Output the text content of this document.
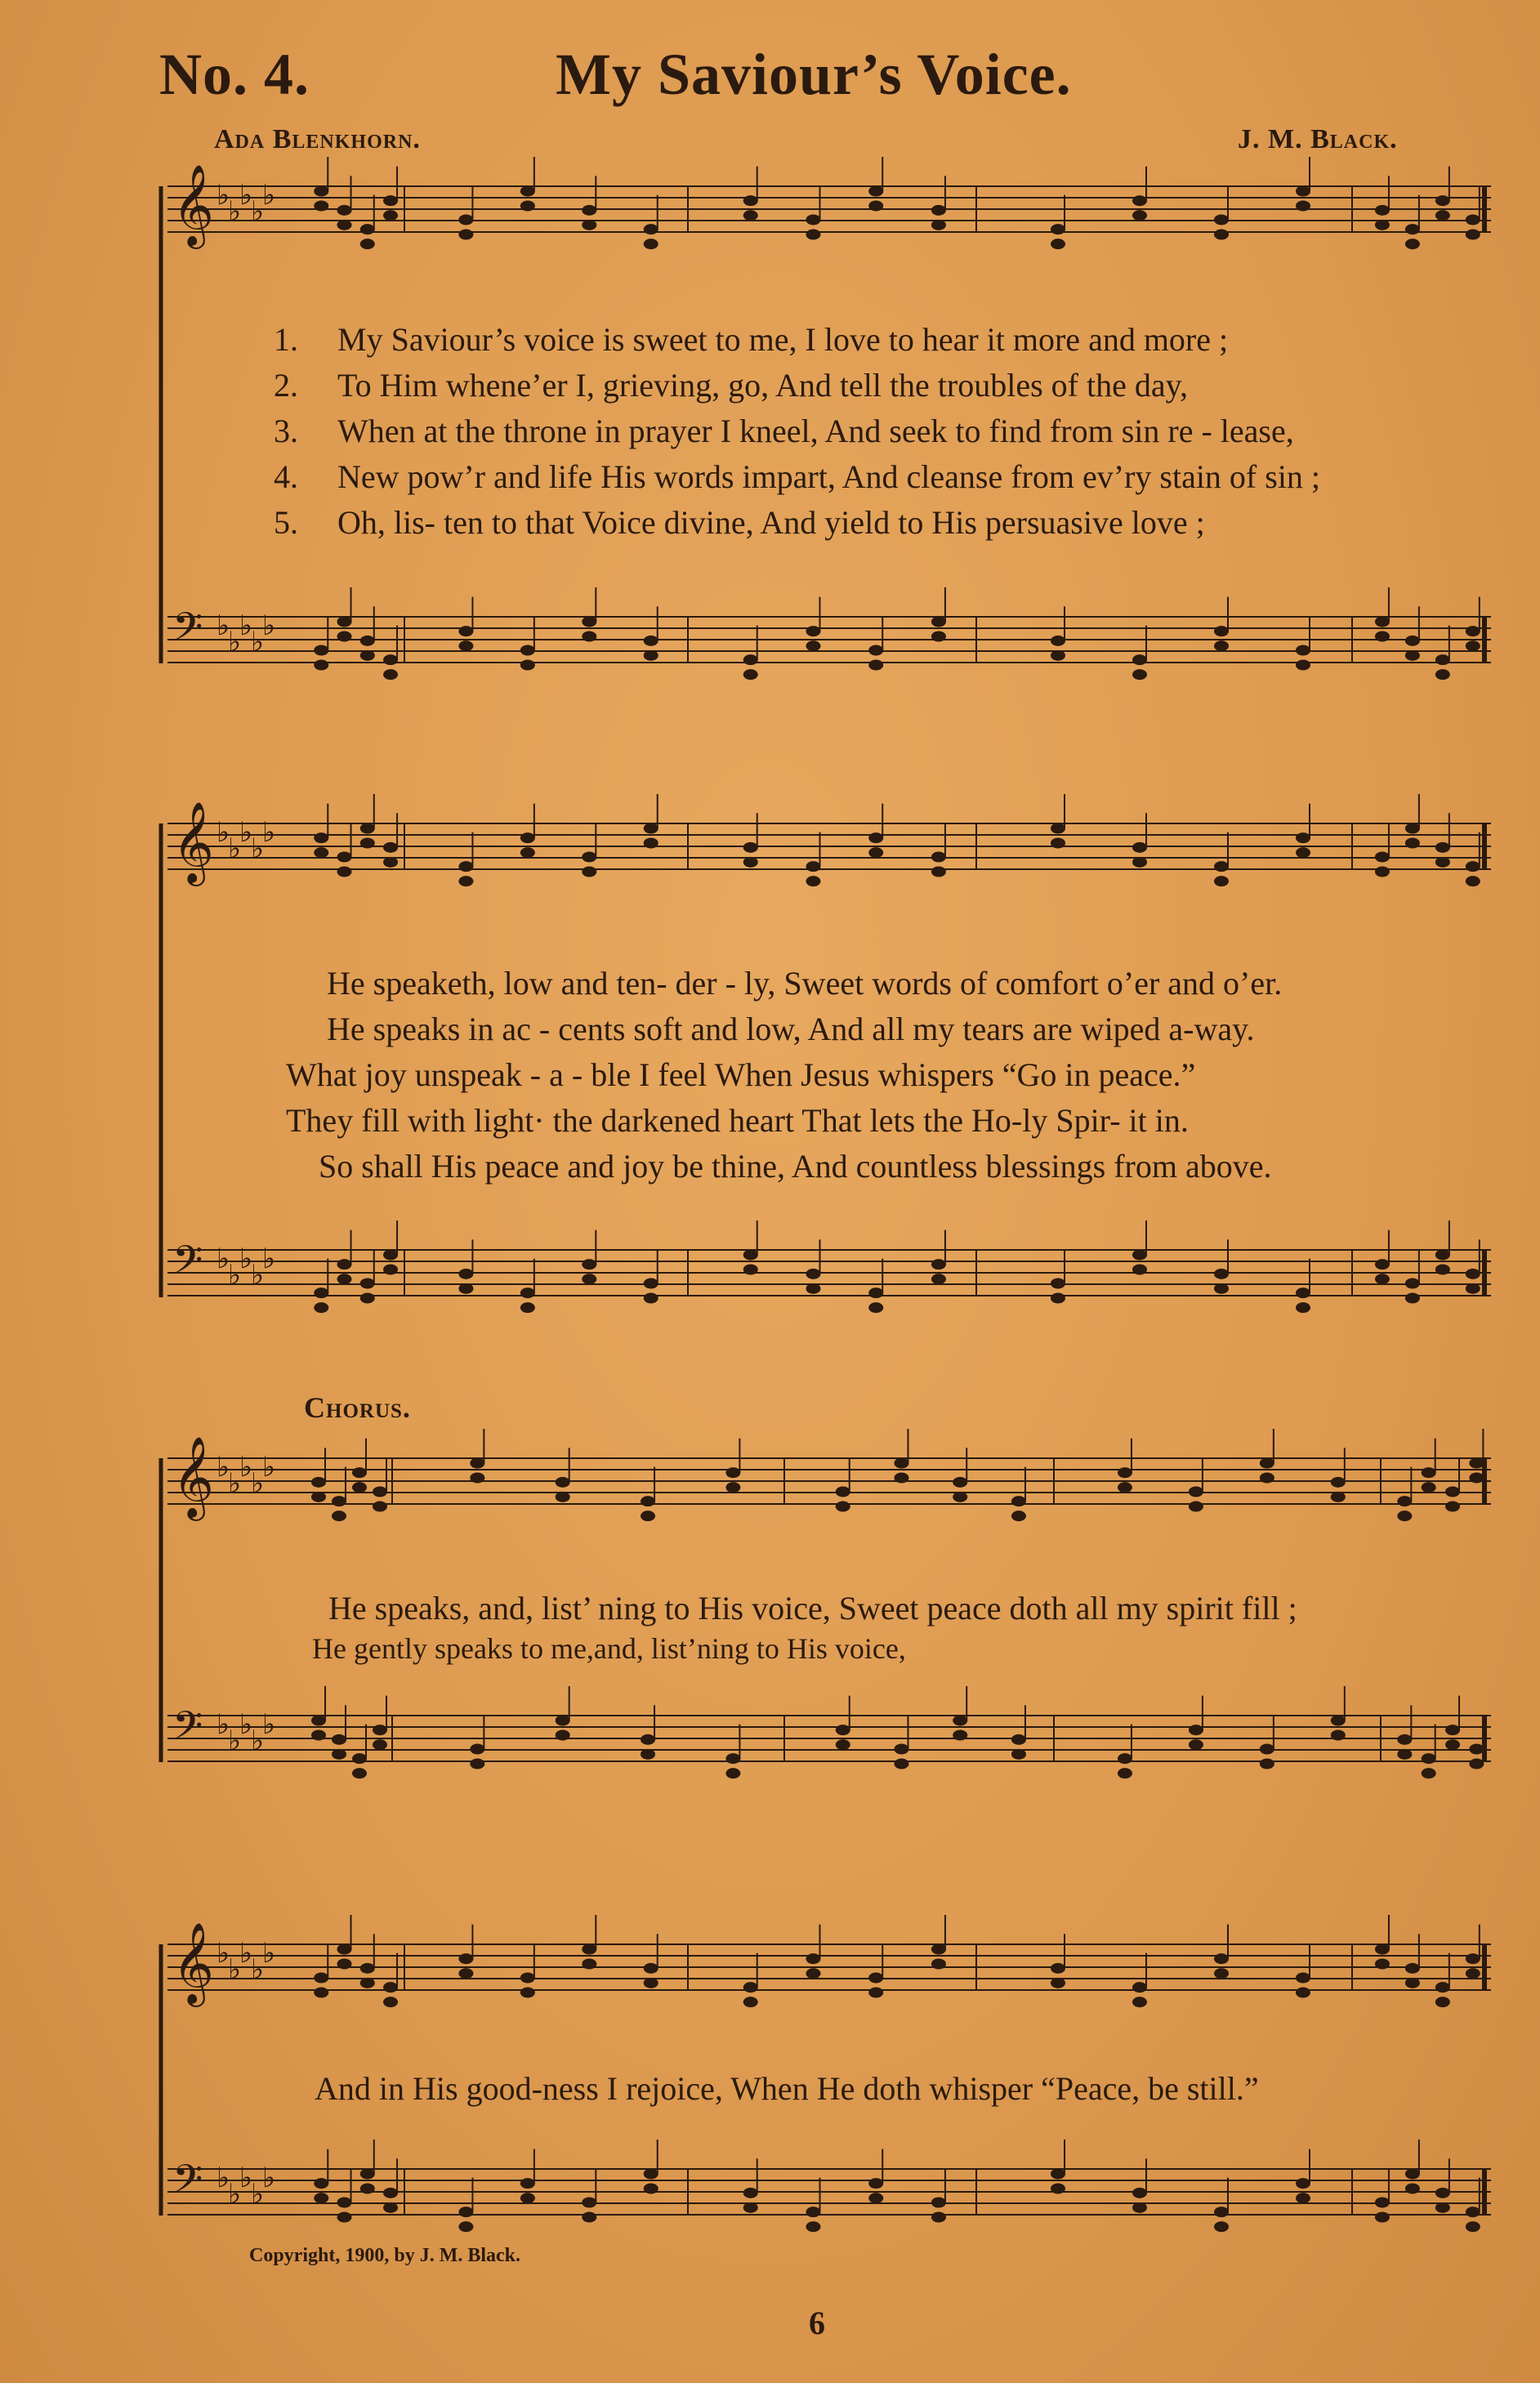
No. 4.	My Saviour’s Voice.
Ada Blenkhorn.	J. M. Black.
𝄞 ♭
♭
♭
♭
♭
𝄢 ♭
♭
♭
♭
♭
𝄞 ♭
♭
♭
♭
♭
𝄢 ♭
♭
♭
♭
♭
𝄞 ♭
♭
♭
♭
♭
𝄢 ♭
♭
♭
♭
♭
𝄞 ♭
♭
♭
♭
♭
𝄢 ♭
♭
♭
♭
♭
1. My Saviour’s voice is sweet to me, I love to hear it more and more ;
2. To Him whene’er I, grieving, go, And tell the troubles of the day,
3. When at the throne in prayer I kneel, And seek to find from sin re - lease,
4. New pow’r and life His words impart, And cleanse from ev’ry stain of sin ;
5. Oh, lis- ten to that Voice divine, And yield to His persuasive love ;
He speaketh, low and ten- der - ly, Sweet words of comfort o’er and o’er.
He speaks in ac - cents soft and low, And all my tears are wiped a-way.
What joy unspeak - a - ble I feel When Jesus whispers “Go in peace.”
They fill with light· the darkened heart That lets the Ho-ly Spir- it in.
So shall His peace and joy be thine, And countless blessings from above.
Chorus.
He speaks, and, list’ ning to His voice, Sweet peace doth all my spirit fill ;
He gently speaks to me,and, list’ning to His voice,
And in His good-ness I rejoice, When He doth whisper “Peace, be still.”
Copyright, 1900, by J. M. Black.
6
